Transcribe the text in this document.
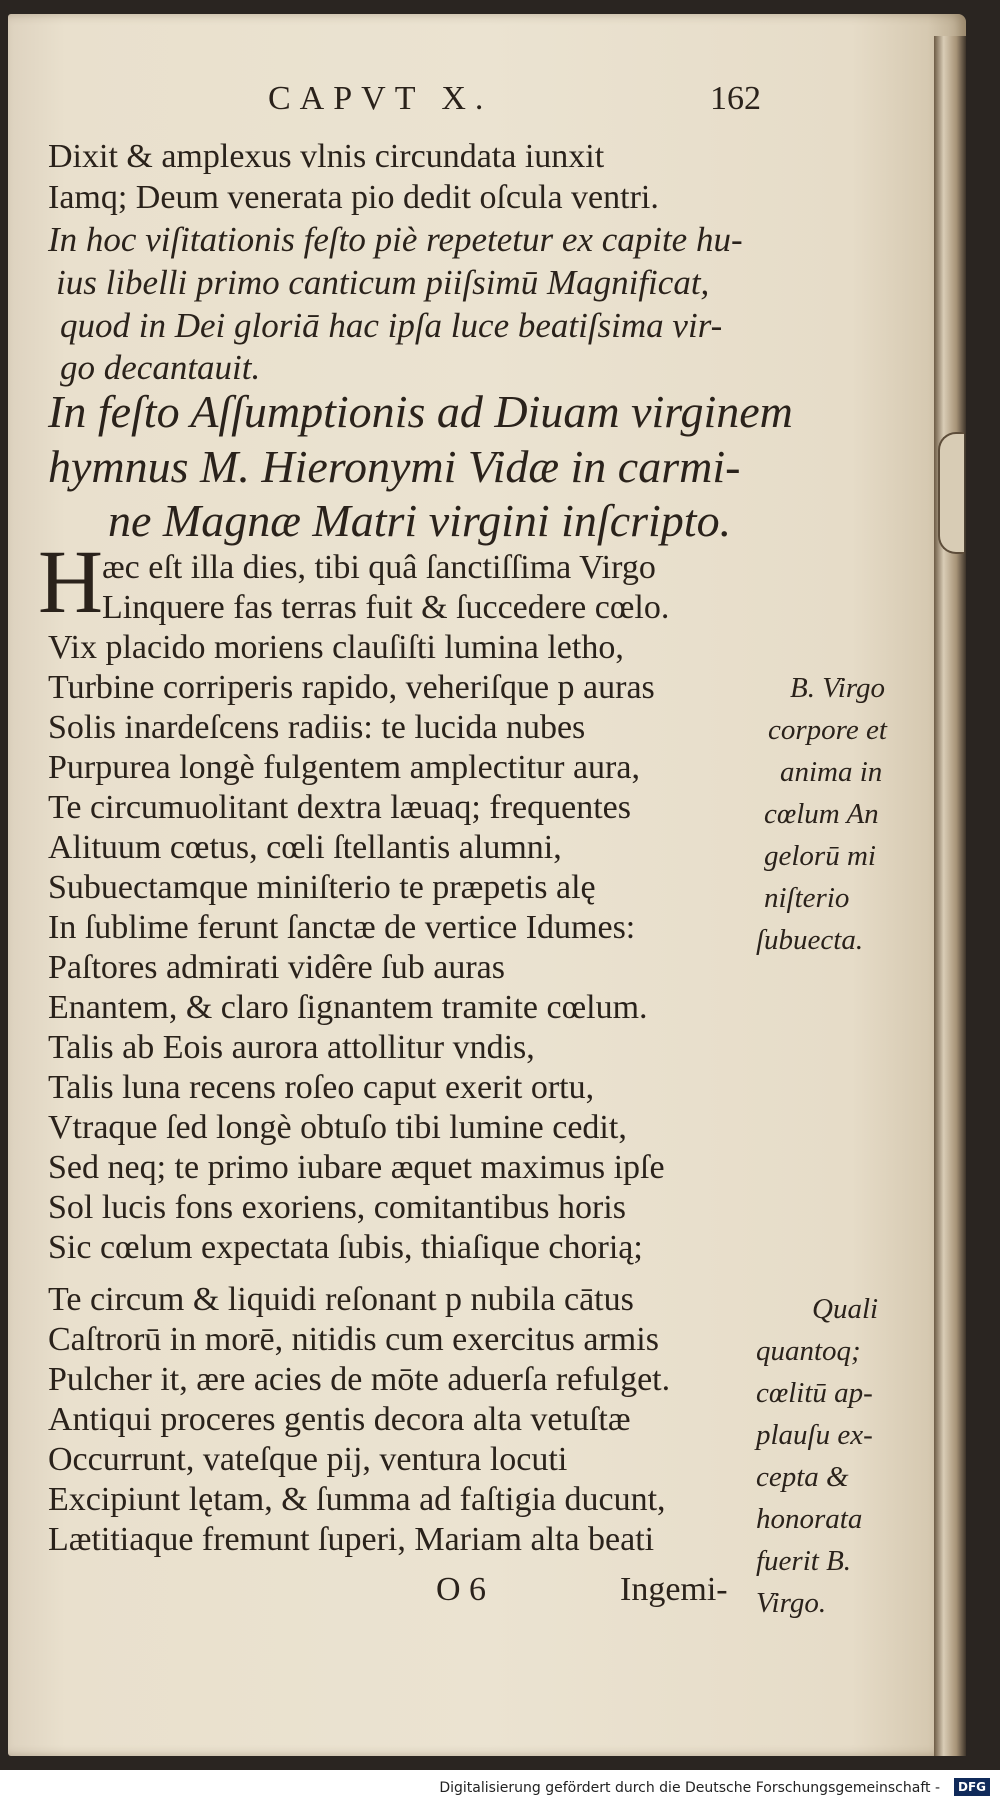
CAPVT X.	162
Dixit & amplexus vlnis circundata iunxit
Iamq; Deum venerata pio dedit oſcula ventri.
In hoc viſitationis feſto piè repetetur ex capite hu-
ius libelli primo canticum piiſsimū Magnificat,
quod in Dei gloriā hac ipſa luce beatiſsima vir-
go decantauit.
In feſto Aſſumptionis ad Diuam virginem
hymnus M. Hieronymi Vidæ in carmi-
ne Magnæ Matri virgini inſcripto.
H æc eſt illa dies, tibi quâ ſanctiſſima Virgo
Linquere fas terras fuit & ſuccedere cœlo.
Vix placido moriens clauſiſti lumina letho,
Turbine corriperis rapido, veheriſque p auras
Solis inardeſcens radiis: te lucida nubes
Purpurea longè fulgentem amplectitur aura,
Te circumuolitant dextra læuaq; frequentes
Alituum cœtus, cœli ſtellantis alumni,
Subuectamque miniſterio te præpetis alę
In ſublime ferunt ſanctæ de vertice Idumes:
Paſtores admirati vidêre ſub auras
Enantem, & claro ſignantem tramite cœlum.
Talis ab Eois aurora attollitur vndis,
Talis luna recens roſeo caput exerit ortu,
Vtraque ſed longè obtuſo tibi lumine cedit,
Sed neq; te primo iubare æquet maximus ipſe
Sol lucis fons exoriens, comitantibus horis
Sic cœlum expectata ſubis, thiaſique chorią;
Te circum & liquidi reſonant p nubila cātus
Caſtrorū in morē, nitidis cum exercitus armis
Pulcher it, ære acies de mōte aduerſa refulget.
Antiqui proceres gentis decora alta vetuſtæ
Occurrunt, vateſque pij, ventura locuti
Excipiunt lętam, & ſumma ad faſtigia ducunt,
Lætitiaque fremunt ſuperi, Mariam alta beati
O 6	Ingemi-
B. Virgo
corpore et
anima in
cœlum An
gelorū mi
niſterio
ſubuecta.
Quali
quantoq;
cœlitū ap-
plauſu ex-
cepta &
honorata
fuerit B.
Virgo.
Digitalisierung gefördert durch die Deutsche Forschungsgemeinschaft -	DFG
